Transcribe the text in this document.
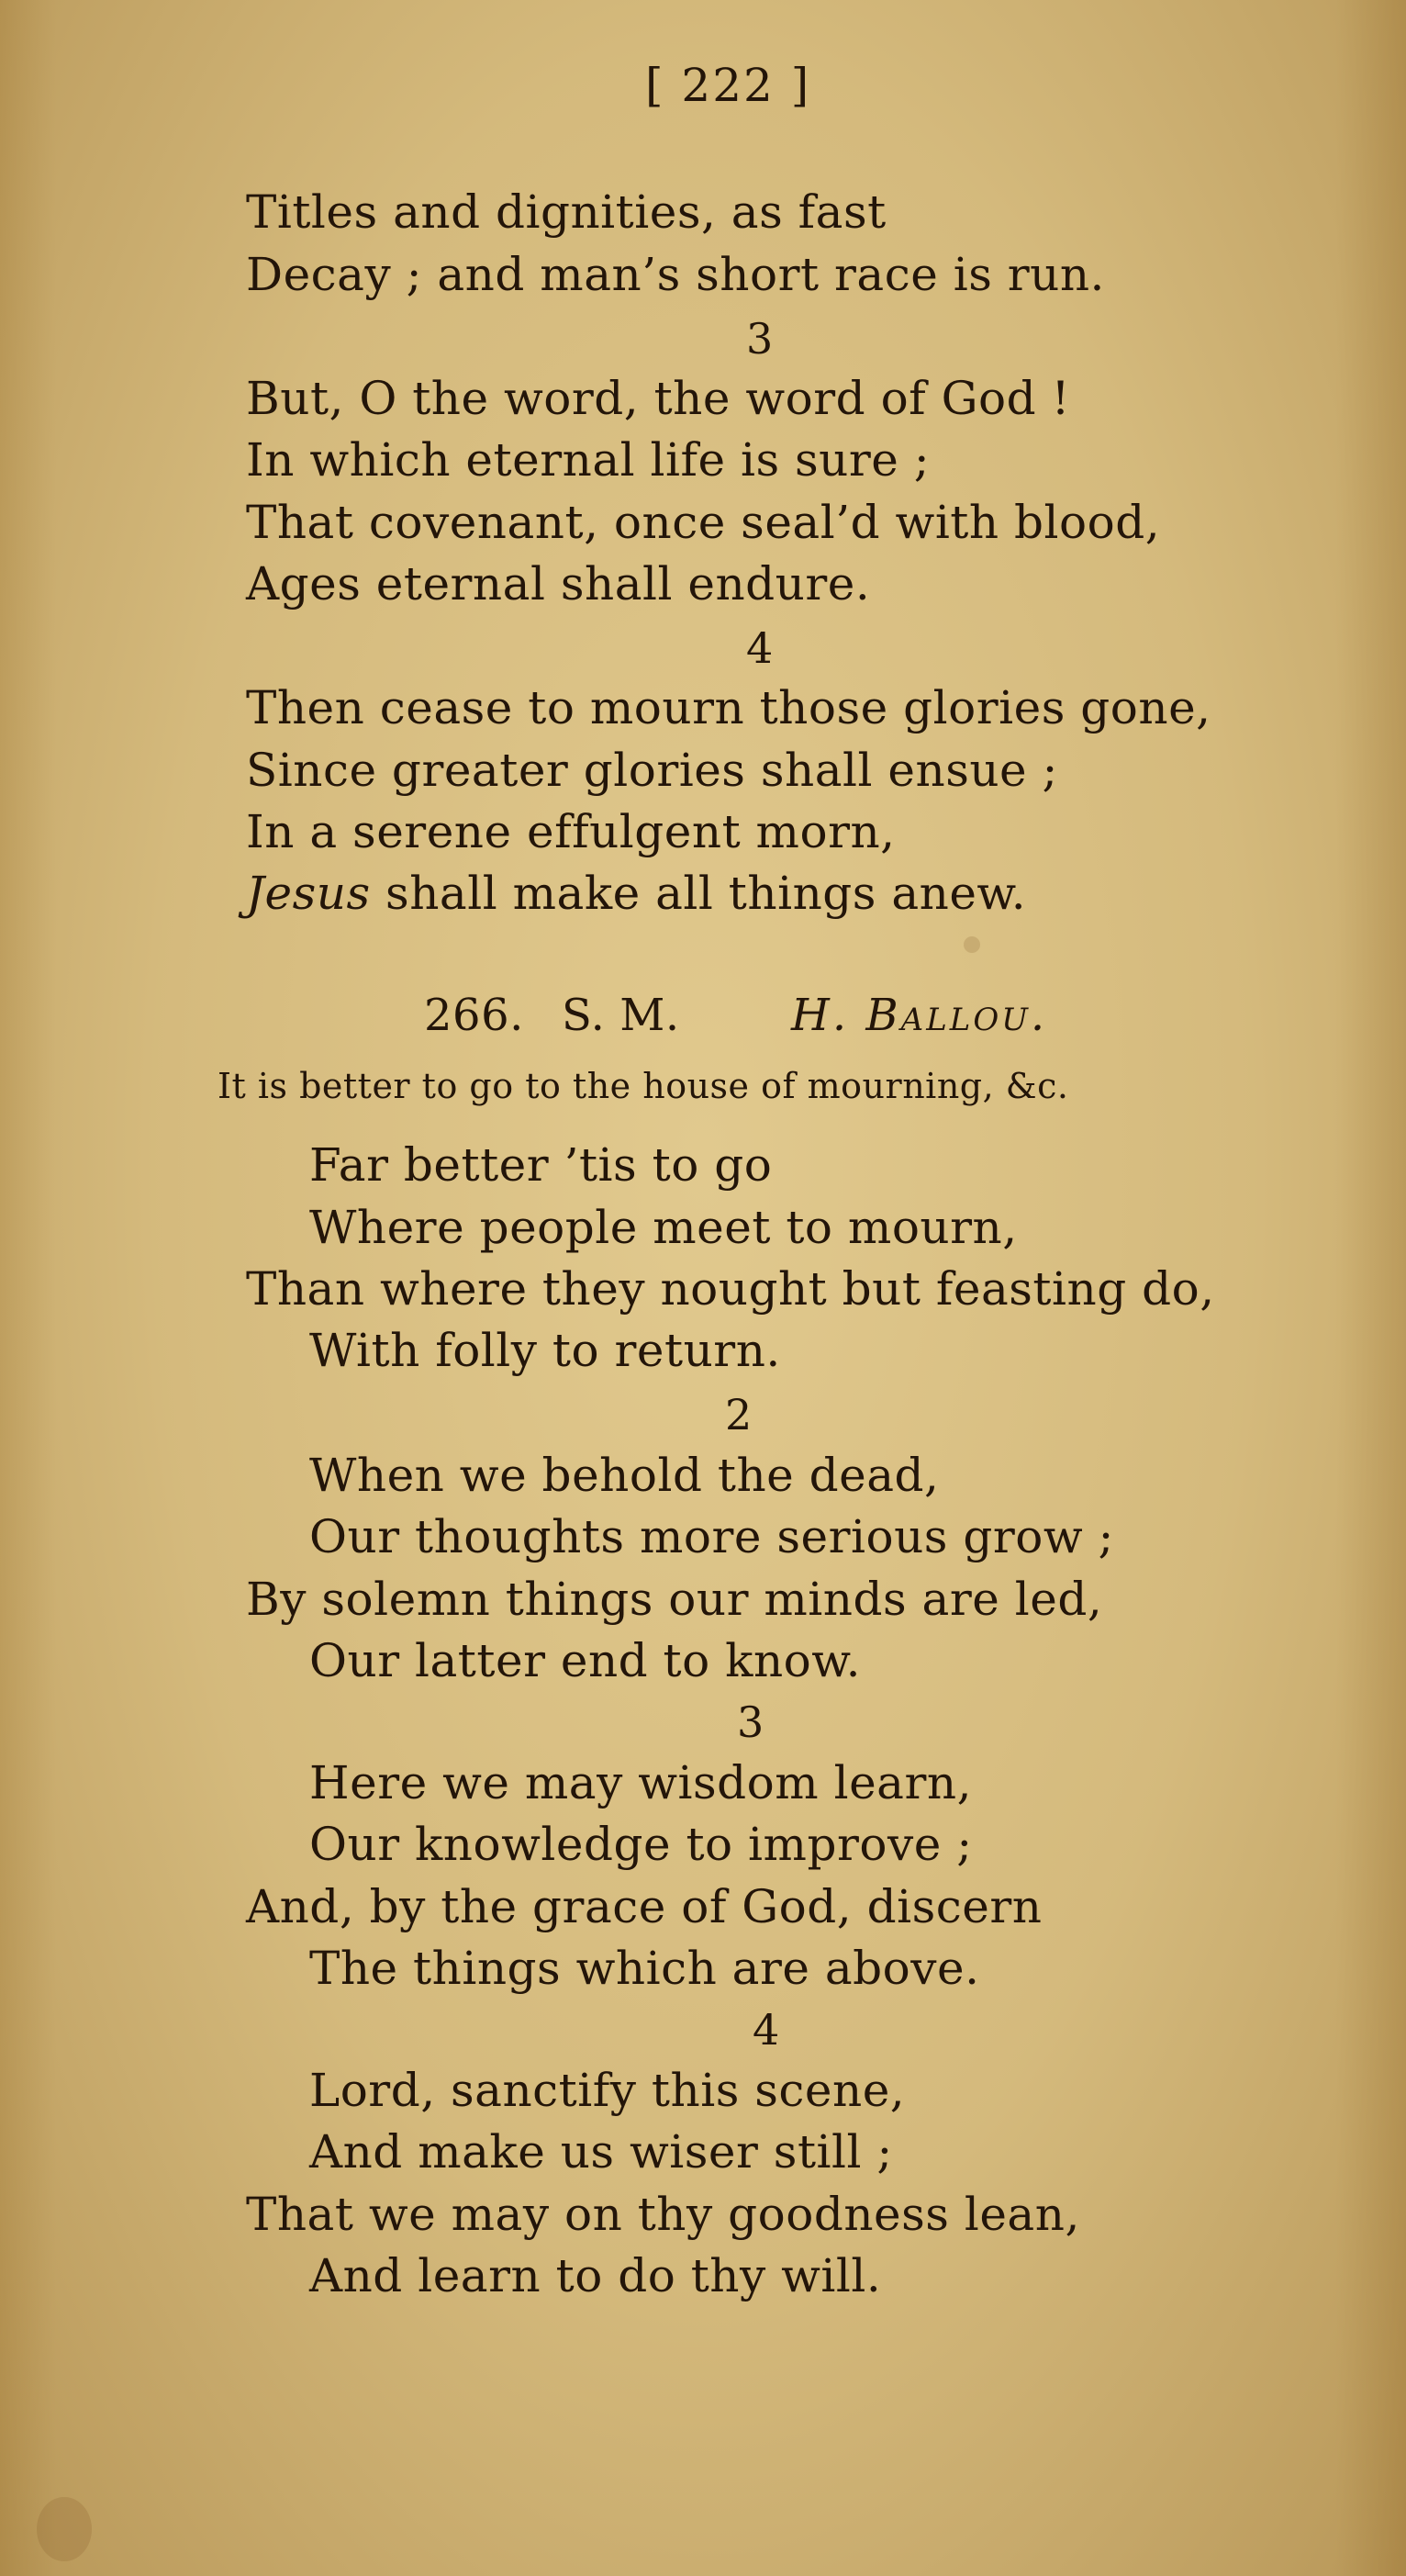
[ 222 ]
Titles and dignities, as fast
Decay ; and man’s short race is run.
3
But, O the word, the word of God !
In which eternal life is sure ;
That covenant, once seal’d with blood,
Ages eternal shall endure.
4
Then cease to mourn those glories gone,
Since greater glories shall ensue ;
In a serene effulgent morn,
Jesus shall make all things anew.
266. S. M.	H. Ballou.
It is better to go to the house of mourning, &c.
Far better ’tis to go
Where people meet to mourn,
Than where they nought but feasting do,
With folly to return.
2
When we behold the dead,
Our thoughts more serious grow ;
By solemn things our minds are led,
Our latter end to know.
3
Here we may wisdom learn,
Our knowledge to improve ;
And, by the grace of God, discern
The things which are above.
4
Lord, sanctify this scene,
And make us wiser still ;
That we may on thy goodness lean,
And learn to do thy will.
